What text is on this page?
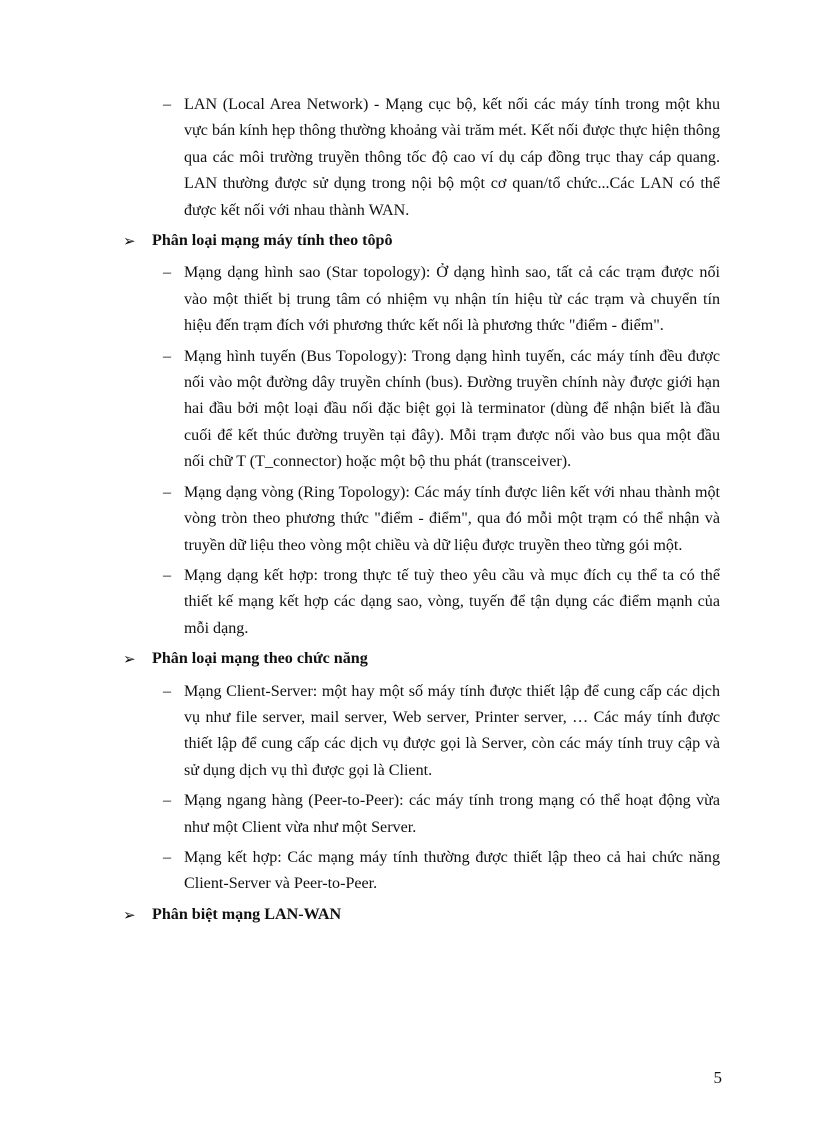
– LAN (Local Area Network) - Mạng cục bộ, kết nối các máy tính trong một khu vực bán kính hẹp thông thường khoảng vài trăm mét. Kết nối được thực hiện thông qua các môi trường truyền thông tốc độ cao ví dụ cáp đồng trục thay cáp quang. LAN thường được sử dụng trong nội bộ một cơ quan/tổ chức...Các LAN có thể được kết nối với nhau thành WAN.
➢ Phân loại mạng máy tính theo tôpô
– Mạng dạng hình sao (Star topology): Ở dạng hình sao, tất cả các trạm được nối vào một thiết bị trung tâm có nhiệm vụ nhận tín hiệu từ các trạm và chuyển tín hiệu đến trạm đích với phương thức kết nối là phương thức "điểm - điểm".
– Mạng hình tuyến (Bus Topology): Trong dạng hình tuyến, các máy tính đều được nối vào một đường dây truyền chính (bus). Đường truyền chính này được giới hạn hai đầu bởi một loại đầu nối đặc biệt gọi là terminator (dùng để nhận biết là đầu cuối để kết thúc đường truyền tại đây). Mỗi trạm được nối vào bus qua một đầu nối chữ T (T_connector) hoặc một bộ thu phát (transceiver).
– Mạng dạng vòng (Ring Topology): Các máy tính được liên kết với nhau thành một vòng tròn theo phương thức "điểm - điểm", qua đó mỗi một trạm có thể nhận và truyền dữ liệu theo vòng một chiều và dữ liệu được truyền theo từng gói một.
– Mạng dạng kết hợp: trong thực tế tuỳ theo yêu cầu và mục đích cụ thể ta có thể thiết kế mạng kết hợp các dạng sao, vòng, tuyến để tận dụng các điểm mạnh của mỗi dạng.
➢ Phân loại mạng theo chức năng
– Mạng Client-Server: một hay một số máy tính được thiết lập để cung cấp các dịch vụ như file server, mail server, Web server, Printer server, … Các máy tính được thiết lập để cung cấp các dịch vụ được gọi là Server, còn các máy tính truy cập và sử dụng dịch vụ thì được gọi là Client.
– Mạng ngang hàng (Peer-to-Peer): các máy tính trong mạng có thể hoạt động vừa như một Client vừa như một Server.
– Mạng kết hợp: Các mạng máy tính thường được thiết lập theo cả hai chức năng Client-Server và Peer-to-Peer.
➢ Phân biệt mạng LAN-WAN
5
